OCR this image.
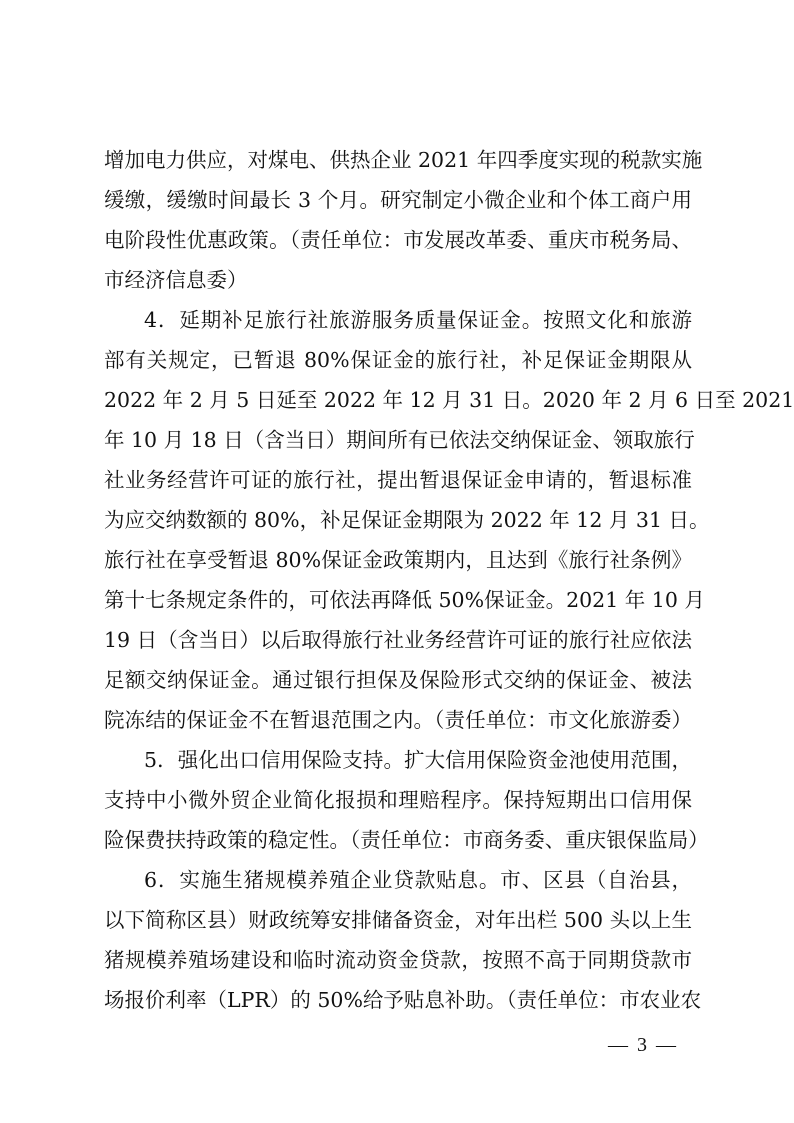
增加电力供应，对煤电、供热企业 2021 年四季度实现的税款实施
缓缴，缓缴时间最长 3 个月。研究制定小微企业和个体工商户用
电阶段性优惠政策。（责任单位：市发展改革委、重庆市税务局、
市经济信息委）
4．延期补足旅行社旅游服务质量保证金。按照文化和旅游
部有关规定，已暂退 80%保证金的旅行社，补足保证金期限从
2022 年 2 月 5 日延至 2022 年 12 月 31 日。2020 年 2 月 6 日至 2021
年 10 月 18 日（含当日）期间所有已依法交纳保证金、领取旅行
社业务经营许可证的旅行社，提出暂退保证金申请的，暂退标准
为应交纳数额的 80%，补足保证金期限为 2022 年 12 月 31 日。
旅行社在享受暂退 80%保证金政策期内，且达到《旅行社条例》
第十七条规定条件的，可依法再降低 50%保证金。2021 年 10 月
19 日（含当日）以后取得旅行社业务经营许可证的旅行社应依法
足额交纳保证金。通过银行担保及保险形式交纳的保证金、被法
院冻结的保证金不在暂退范围之内。（责任单位：市文化旅游委）
5．强化出口信用保险支持。扩大信用保险资金池使用范围，
支持中小微外贸企业简化报损和理赔程序。保持短期出口信用保
险保费扶持政策的稳定性。（责任单位：市商务委、重庆银保监局）
6．实施生猪规模养殖企业贷款贴息。市、区县（自治县，
以下简称区县）财政统筹安排储备资金，对年出栏 500 头以上生
猪规模养殖场建设和临时流动资金贷款，按照不高于同期贷款市
场报价利率（LPR）的 50%给予贴息补助。（责任单位：市农业农
— 3 —
